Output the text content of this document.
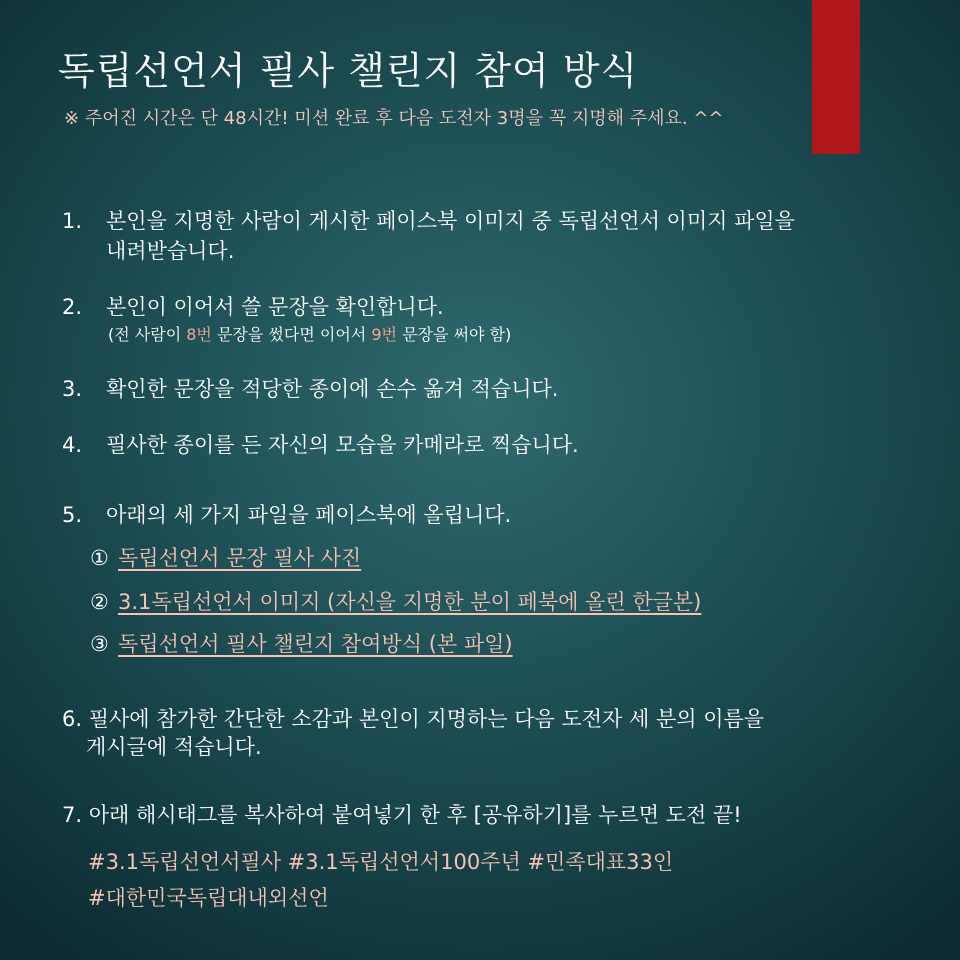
독립선언서 필사 챌린지 참여 방식
※ 주어진 시간은 단 48시간! 미션 완료 후 다음 도전자 3명을 꼭 지명해 주세요. ^^
1. 본인을 지명한 사람이 게시한 페이스북 이미지 중 독립선언서 이미지 파일을
내려받습니다.
2. 본인이 이어서 쓸 문장을 확인합니다.
(전 사람이 8번 문장을 썼다면 이어서 9번 문장을 써야 함)
3. 확인한 문장을 적당한 종이에 손수 옮겨 적습니다.
4. 필사한 종이를 든 자신의 모습을 카메라로 찍습니다.
5. 아래의 세 가지 파일을 페이스북에 올립니다.
① 독립선언서 문장 필사 사진
② 3.1독립선언서 이미지 (자신을 지명한 분이 페북에 올린 한글본)
③ 독립선언서 필사 챌린지 참여방식 (본 파일)
6. 필사에 참가한 간단한 소감과 본인이 지명하는 다음 도전자 세 분의 이름을
게시글에 적습니다.
7. 아래 해시태그를 복사하여 붙여넣기 한 후 [공유하기]를 누르면 도전 끝!
#3.1독립선언서필사 #3.1독립선언서100주년 #민족대표33인
#대한민국독립대내외선언
